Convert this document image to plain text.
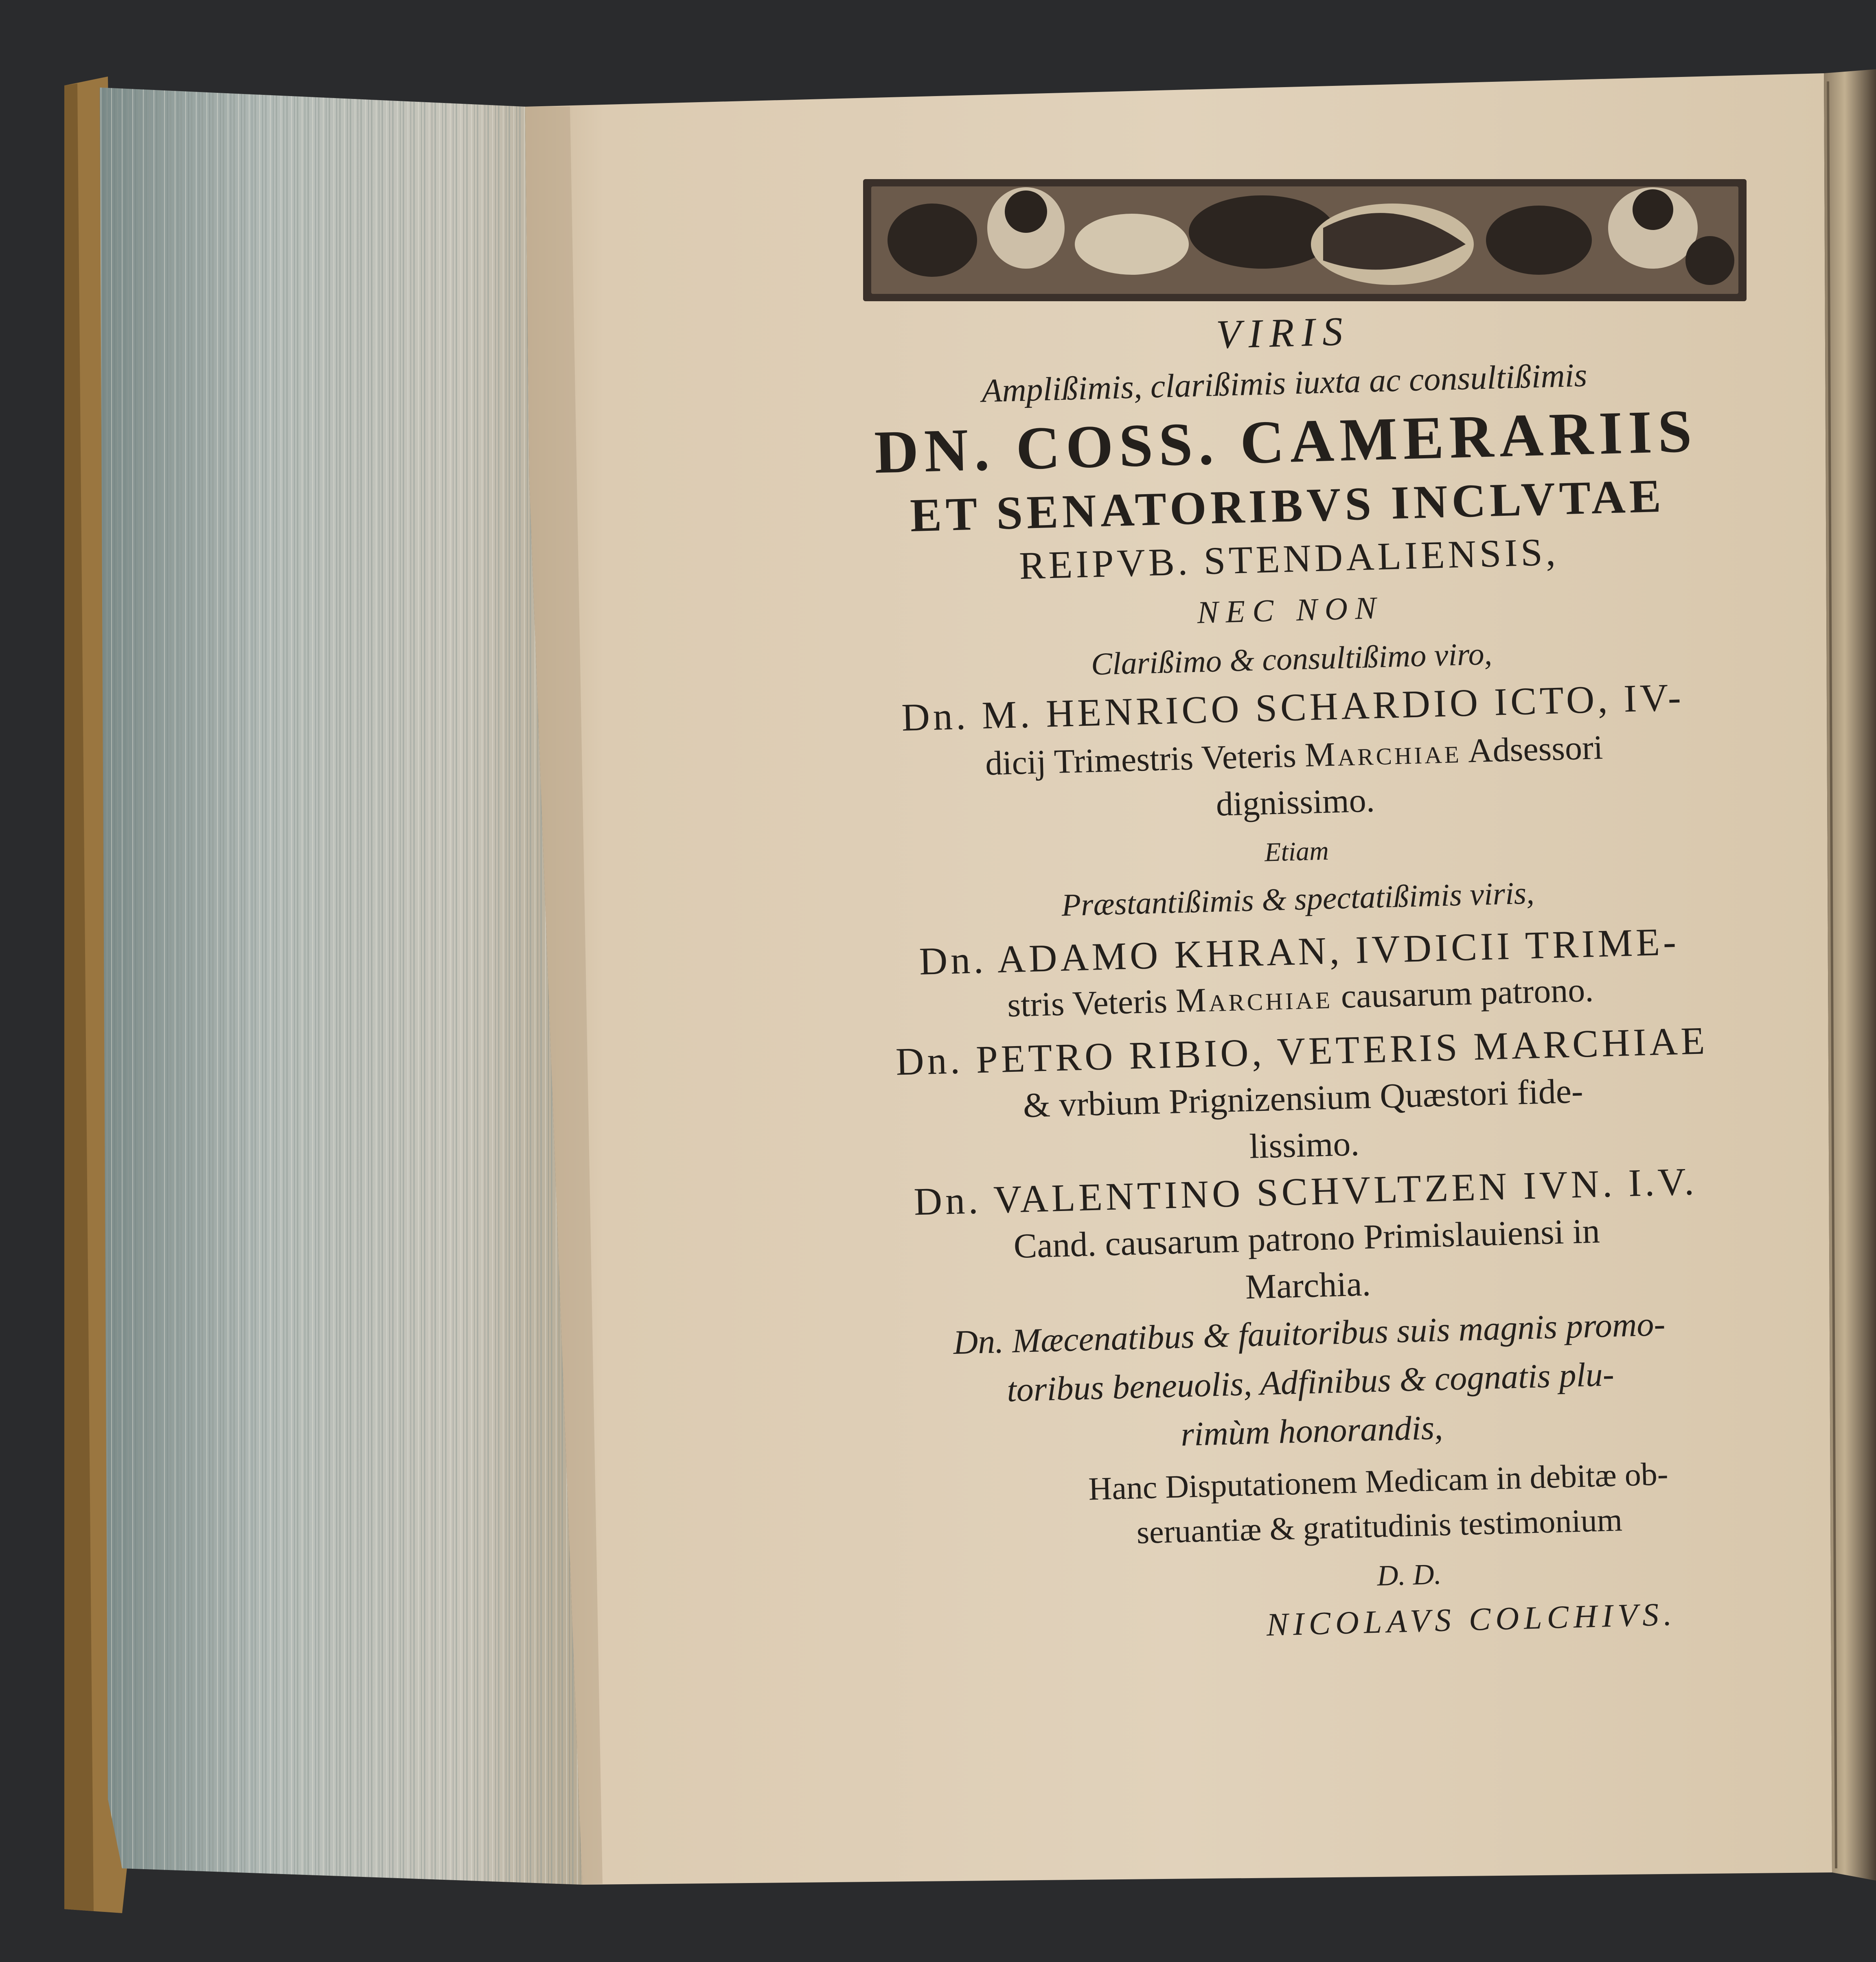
VIRIS
Amplißimis, clarißimis iuxta ac consultißimis
DN. COSS. CAMERARIIS
ET SENATORIBVS INCLVTAE
REIPVB. STENDALIENSIS,
NEC NON
Clarißimo & consultißimo viro,
Dn. M. HENRICO SCHARDIO ICTO, IV-
dicij Trimestris Veteris Marchiae Adsessori
dignissimo.
Etiam
Præstantißimis & spectatißimis viris,
Dn. ADAMO KHRAN, IVDICII TRIME-
stris Veteris Marchiae causarum patrono.
Dn. PETRO RIBIO, VETERIS MARCHIAE
& vrbium Prignizensium Quæstori fide-
lissimo.
Dn. VALENTINO SCHVLTZEN IVN. I.V.
Cand. causarum patrono Primislauiensi in
Marchia.
Dn. Mæcenatibus & fauitoribus suis magnis promo-
toribus beneuolis, Adfinibus & cognatis plu-
rimùm honorandis,
Hanc Disputationem Medicam in debitæ ob-
seruantiæ & gratitudinis testimonium
D. D.
NICOLAVS COLCHIVS.
